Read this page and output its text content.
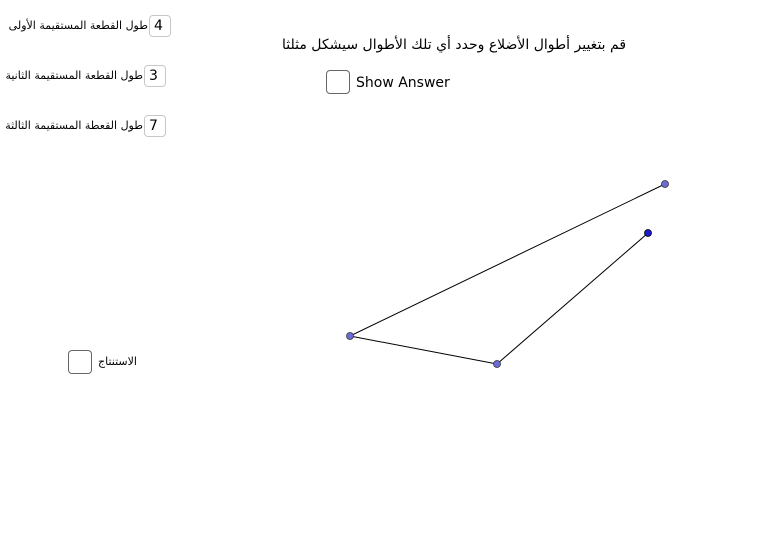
طول القطعة المستقيمة الأولى 4
طول القطعة المستقيمة الثانية 3
طول القعطة المستقيمة الثالثة 7
قم بتغيير أطوال الأضلاع وحدد أي تلك الأطوال سيشكل مثلثا
Show Answer
الاستنتاج
